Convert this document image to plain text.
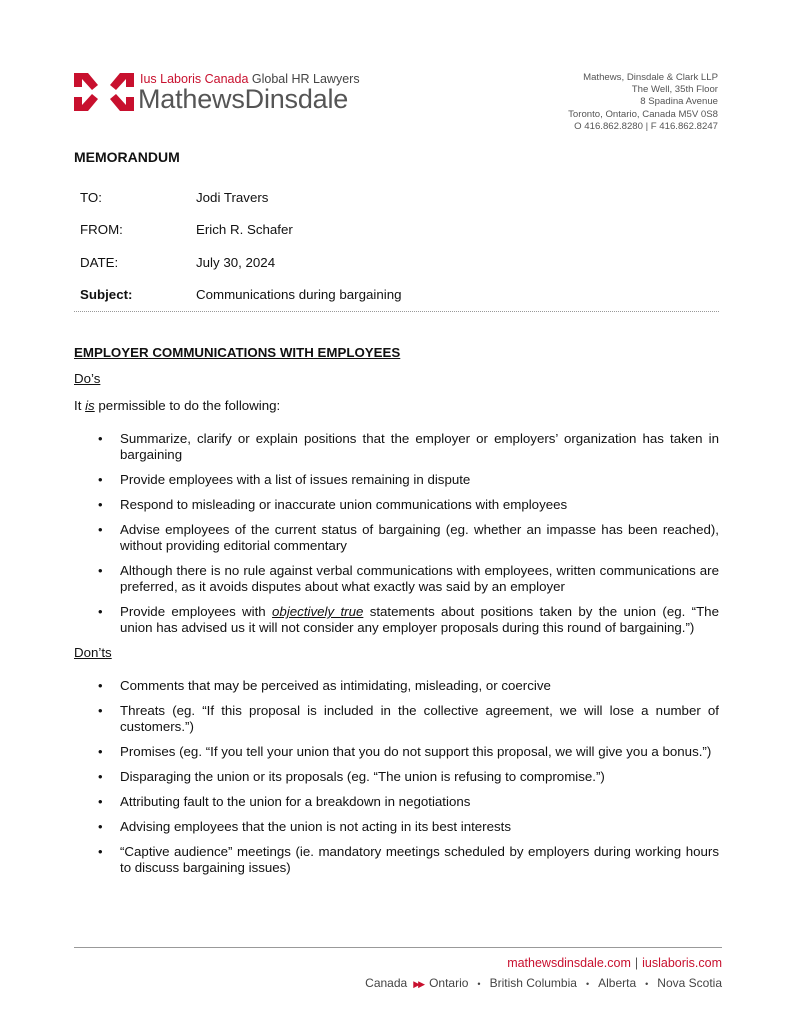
Ius Laboris Canada Global HR Lawyers
MathewsDinsdale
Mathews, Dinsdale & Clark LLP
The Well, 35th Floor
8 Spadina Avenue
Toronto, Ontario, Canada M5V 0S8
O 416.862.8280 | F 416.862.8247
MEMORANDUM
TO:	Jodi Travers
FROM:	Erich R. Schafer
DATE:	July 30, 2024
Subject:	Communications during bargaining

EMPLOYER COMMUNICATIONS WITH EMPLOYEES

Do’s

It is permissible to do the following:

• Summarize, clarify or explain positions that the employer or employers’ organization has taken in bargaining
• Provide employees with a list of issues remaining in dispute
• Respond to misleading or inaccurate union communications with employees
• Advise employees of the current status of bargaining (eg. whether an impasse has been reached), without providing editorial commentary
• Although there is no rule against verbal communications with employees, written communications are preferred, as it avoids disputes about what exactly was said by an employer
• Provide employees with objectively true statements about positions taken by the union (eg. “The union has advised us it will not consider any employer proposals during this round of bargaining.”)

Don’ts

• Comments that may be perceived as intimidating, misleading, or coercive
• Threats (eg. “If this proposal is included in the collective agreement, we will lose a number of customers.”)
• Promises (eg. “If you tell your union that you do not support this proposal, we will give you a bonus.”)
• Disparaging the union or its proposals (eg. “The union is refusing to compromise.”)
• Attributing fault to the union for a breakdown in negotiations
• Advising employees that the union is not acting in its best interests
• “Captive audience” meetings (ie. mandatory meetings scheduled by employers during working hours to discuss bargaining issues)
mathewsdinsdale.com | iuslaboris.com
Canada ▶▶ Ontario • British Columbia • Alberta • Nova Scotia
